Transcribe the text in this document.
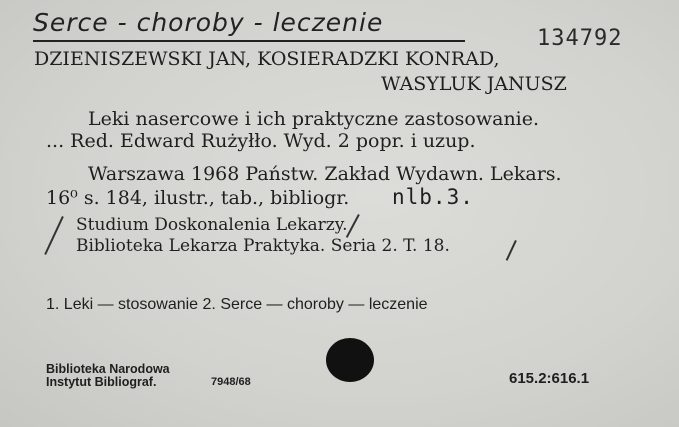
Serce - choroby - leczenie
134792
DZIENISZEWSKI JAN, KOSIERADZKI KONRAD,
WASYLUK JANUSZ
Leki nasercowe i ich praktyczne zastosowanie.
... Red. Edward Rużyłło. Wyd. 2 popr. i uzup.
Warszawa 1968 Państw. Zakład Wydawn. Lekars.
16⁰ s. 184, ilustr., tab., bibliogr. nlb.3.
Studium Doskonalenia Lekarzy.
Biblioteka Lekarza Praktyka. Seria 2. T. 18.
1. Leki — stosowanie 2. Serce — choroby — leczenie
Biblioteka Narodowa
Instytut Bibliograf.	7948/68	615.2:616.1
